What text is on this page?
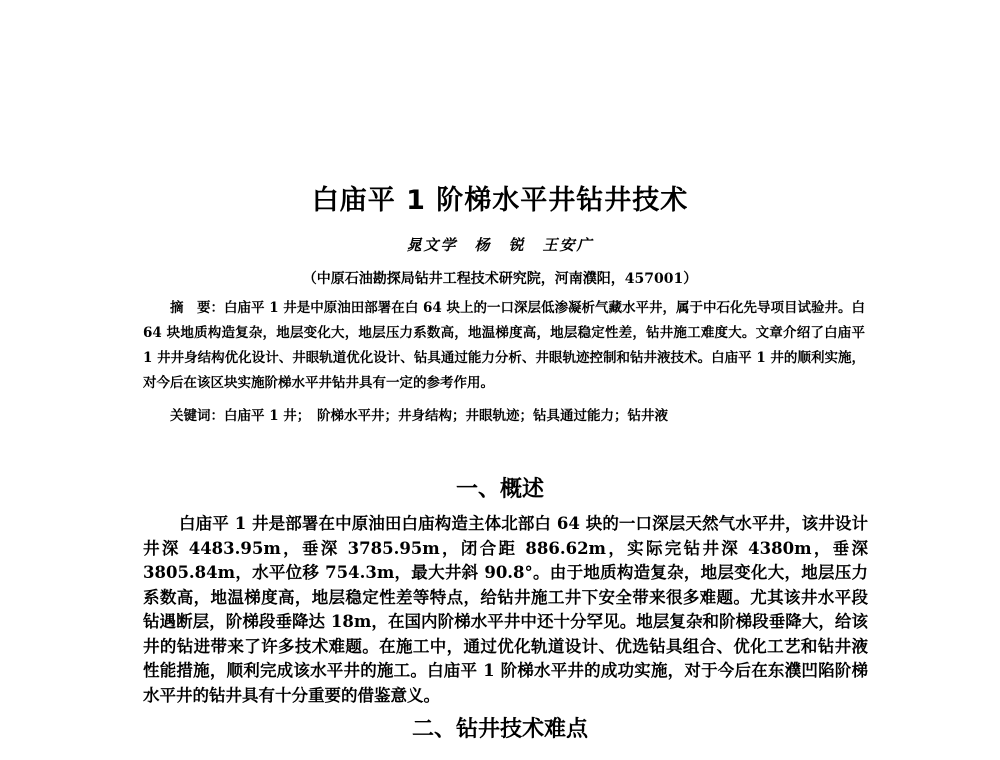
白庙平 1 阶梯水平井钻井技术
晁文学　杨　锐　王安广
（中原石油勘探局钻井工程技术研究院，河南濮阳，457001）
摘　要：白庙平 1 井是中原油田部署在白 64 块上的一口深层低渗凝析气藏水平井，属于中石化先导项目试验井。白 64 块地质构造复杂，地层变化大，地层压力系数高，地温梯度高，地层稳定性差，钻井施工难度大。文章介绍了白庙平 1 井井身结构优化设计、井眼轨道优化设计、钻具通过能力分析、井眼轨迹控制和钻井液技术。白庙平 1 井的顺利实施，对今后在该区块实施阶梯水平井钻井具有一定的参考作用。
关键词：白庙平 1 井；　阶梯水平井；井身结构；井眼轨迹；钻具通过能力；钻井液
一、概述
白庙平 1 井是部署在中原油田白庙构造主体北部白 64 块的一口深层天然气水平井，该井设计井深 4483.95m，垂深 3785.95m，闭合距 886.62m，实际完钻井深 4380m，垂深 3805.84m，水平位移 754.3m，最大井斜 90.8°。由于地质构造复杂，地层变化大，地层压力系数高，地温梯度高，地层稳定性差等特点，给钻井施工井下安全带来很多难题。尤其该井水平段钻遇断层，阶梯段垂降达 18m，在国内阶梯水平井中还十分罕见。地层复杂和阶梯段垂降大，给该井的钻进带来了许多技术难题。在施工中，通过优化轨道设计、优选钻具组合、优化工艺和钻井液性能措施，顺利完成该水平井的施工。白庙平 1 阶梯水平井的成功实施，对于今后在东濮凹陷阶梯水平井的钻井具有十分重要的借鉴意义。
二、钻井技术难点
